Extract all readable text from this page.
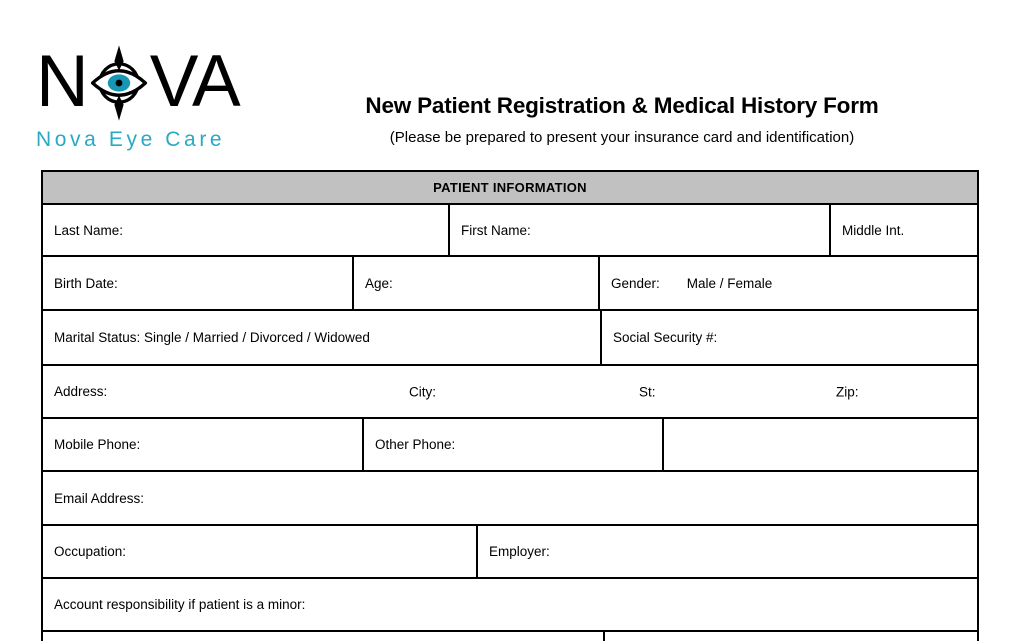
N VA
Nova Eye Care
New Patient Registration & Medical History Form
(Please be prepared to present your insurance card and identification)
PATIENT INFORMATION
Last Name:	First Name:	Middle Int.
Birth Date:	Age:	Gender: Male / Female
Marital Status: Single / Married / Divorced / Widowed	Social Security #:
Address:	City:	St:	Zip:
Mobile Phone:	Other Phone:
Email Address:
Occupation:	Employer:
Account responsibility if patient is a minor:
